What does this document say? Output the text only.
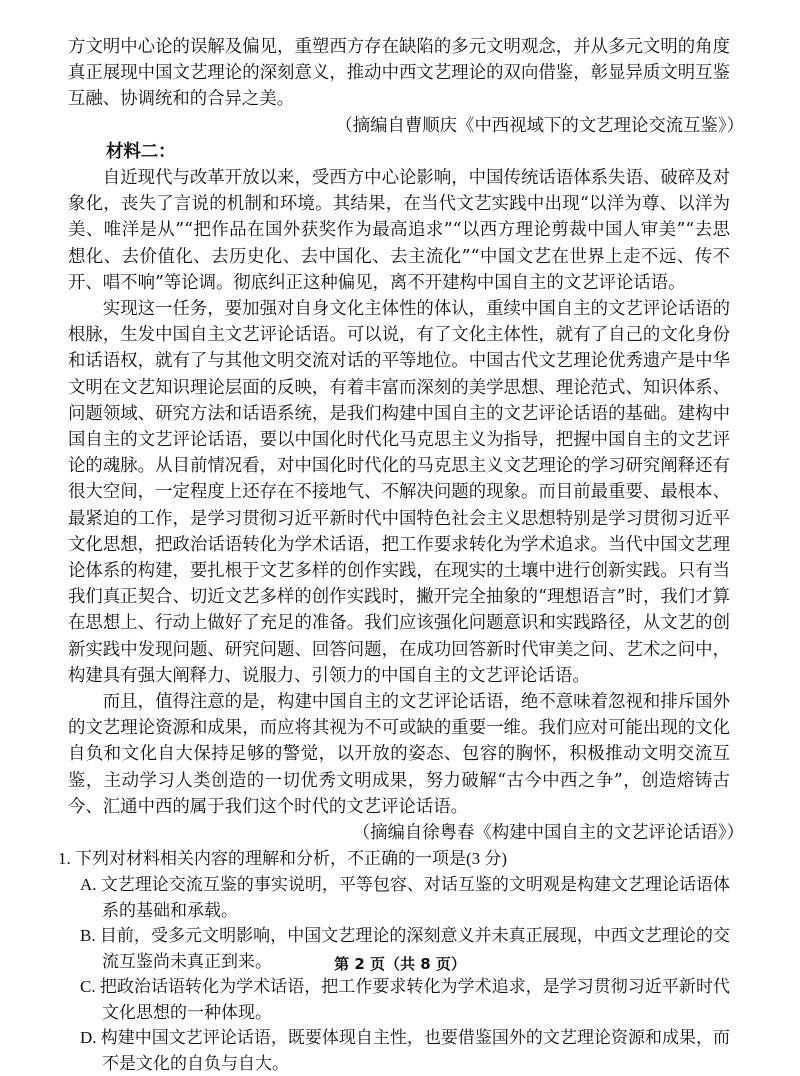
方文明中心论的误解及偏见，重塑西方存在缺陷的多元文明观念，并从多元文明的角度真正展现中国文艺理论的深刻意义，推动中西文艺理论的双向借鉴，彰显异质文明互鉴互融、协调统和的合异之美。

（摘编自曹顺庆《中西视域下的文艺理论交流互鉴》）

材料二：

自近现代与改革开放以来，受西方中心论影响，中国传统话语体系失语、破碎及对象化，丧失了言说的机制和环境。其结果，在当代文艺实践中出现“以洋为尊、以洋为美、唯洋是从”“把作品在国外获奖作为最高追求”“以西方理论剪裁中国人审美”“去思想化、去价值化、去历史化、去中国化、去主流化”“中国文艺在世界上走不远、传不开、唱不响”等论调。彻底纠正这种偏见，离不开建构中国自主的文艺评论话语。

实现这一任务，要加强对自身文化主体性的体认，重续中国自主的文艺评论话语的根脉，生发中国自主文艺评论话语。可以说，有了文化主体性，就有了自己的文化身份和话语权，就有了与其他文明交流对话的平等地位。中国古代文艺理论优秀遗产是中华文明在文艺知识理论层面的反映，有着丰富而深刻的美学思想、理论范式、知识体系、问题领域、研究方法和话语系统，是我们构建中国自主的文艺评论话语的基础。建构中国自主的文艺评论话语，要以中国化时代化马克思主义为指导，把握中国自主的文艺评论的魂脉。从目前情况看，对中国化时代化的马克思主义文艺理论的学习研究阐释还有很大空间，一定程度上还存在不接地气、不解决问题的现象。而目前最重要、最根本、最紧迫的工作，是学习贯彻习近平新时代中国特色社会主义思想特别是学习贯彻习近平文化思想，把政治话语转化为学术话语，把工作要求转化为学术追求。当代中国文艺理论体系的构建，要扎根于文艺多样的创作实践，在现实的土壤中进行创新实践。只有当我们真正契合、切近文艺多样的创作实践时，撇开完全抽象的“理想语言”时，我们才算在思想上、行动上做好了充足的准备。我们应该强化问题意识和实践路径，从文艺的创新实践中发现问题、研究问题、回答问题，在成功回答新时代审美之问、艺术之问中，构建具有强大阐释力、说服力、引领力的中国自主的文艺评论话语。

而且，值得注意的是，构建中国自主的文艺评论话语，绝不意味着忽视和排斥国外的文艺理论资源和成果，而应将其视为不可或缺的重要一维。我们应对可能出现的文化自负和文化自大保持足够的警觉，以开放的姿态、包容的胸怀，积极推动文明交流互鉴，主动学习人类创造的一切优秀文明成果，努力破解“古今中西之争”，创造熔铸古今、汇通中西的属于我们这个时代的文艺评论话语。

（摘编自徐粤春《构建中国自主的文艺评论话语》）

1. 下列对材料相关内容的理解和分析，不正确的一项是(3 分)

A. 文艺理论交流互鉴的事实说明，平等包容、对话互鉴的文明观是构建文艺理论话语体系的基础和承载。

B. 目前，受多元文明影响，中国文艺理论的深刻意义并未真正展现，中西文艺理论的交流互鉴尚未真正到来。

C. 把政治话语转化为学术话语，把工作要求转化为学术追求，是学习贯彻习近平新时代文化思想的一种体现。

D. 构建中国文艺评论话语，既要体现自主性，也要借鉴国外的文艺理论资源和成果，而不是文化的自负与自大。

第 2 页（共 8 页）
